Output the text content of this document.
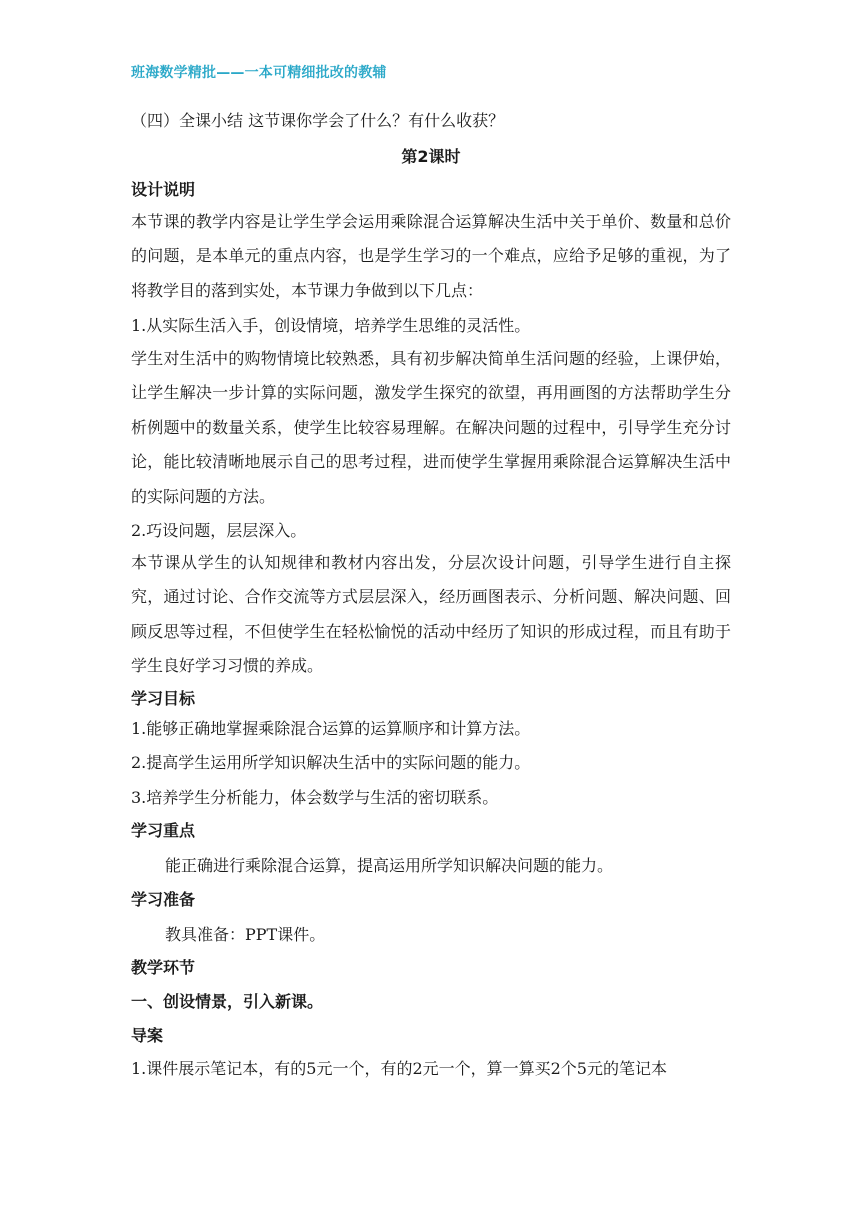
班海数学精批——一本可精细批改的教辅
（四）全课小结 这节课你学会了什么？有什么收获？
第2课时
设计说明
本节课的教学内容是让学生学会运用乘除混合运算解决生活中关于单价、数量和总价的问题，是本单元的重点内容，也是学生学习的一个难点，应给予足够的重视，为了将教学目的落到实处，本节课力争做到以下几点：
1.从实际生活入手，创设情境，培养学生思维的灵活性。
学生对生活中的购物情境比较熟悉，具有初步解决简单生活问题的经验，上课伊始，让学生解决一步计算的实际问题，激发学生探究的欲望，再用画图的方法帮助学生分析例题中的数量关系，使学生比较容易理解。在解决问题的过程中，引导学生充分讨论，能比较清晰地展示自己的思考过程，进而使学生掌握用乘除混合运算解决生活中的实际问题的方法。
2.巧设问题，层层深入。
本节课从学生的认知规律和教材内容出发，分层次设计问题，引导学生进行自主探究，通过讨论、合作交流等方式层层深入，经历画图表示、分析问题、解决问题、回顾反思等过程，不但使学生在轻松愉悦的活动中经历了知识的形成过程，而且有助于学生良好学习习惯的养成。
学习目标
1.能够正确地掌握乘除混合运算的运算顺序和计算方法。
2.提高学生运用所学知识解决生活中的实际问题的能力。
3.培养学生分析能力，体会数学与生活的密切联系。
学习重点
能正确进行乘除混合运算，提高运用所学知识解决问题的能力。
学习准备
教具准备：PPT课件。
教学环节
一、创设情景，引入新课。
导案
1.课件展示笔记本，有的5元一个，有的2元一个，算一算买2个5元的笔记本
